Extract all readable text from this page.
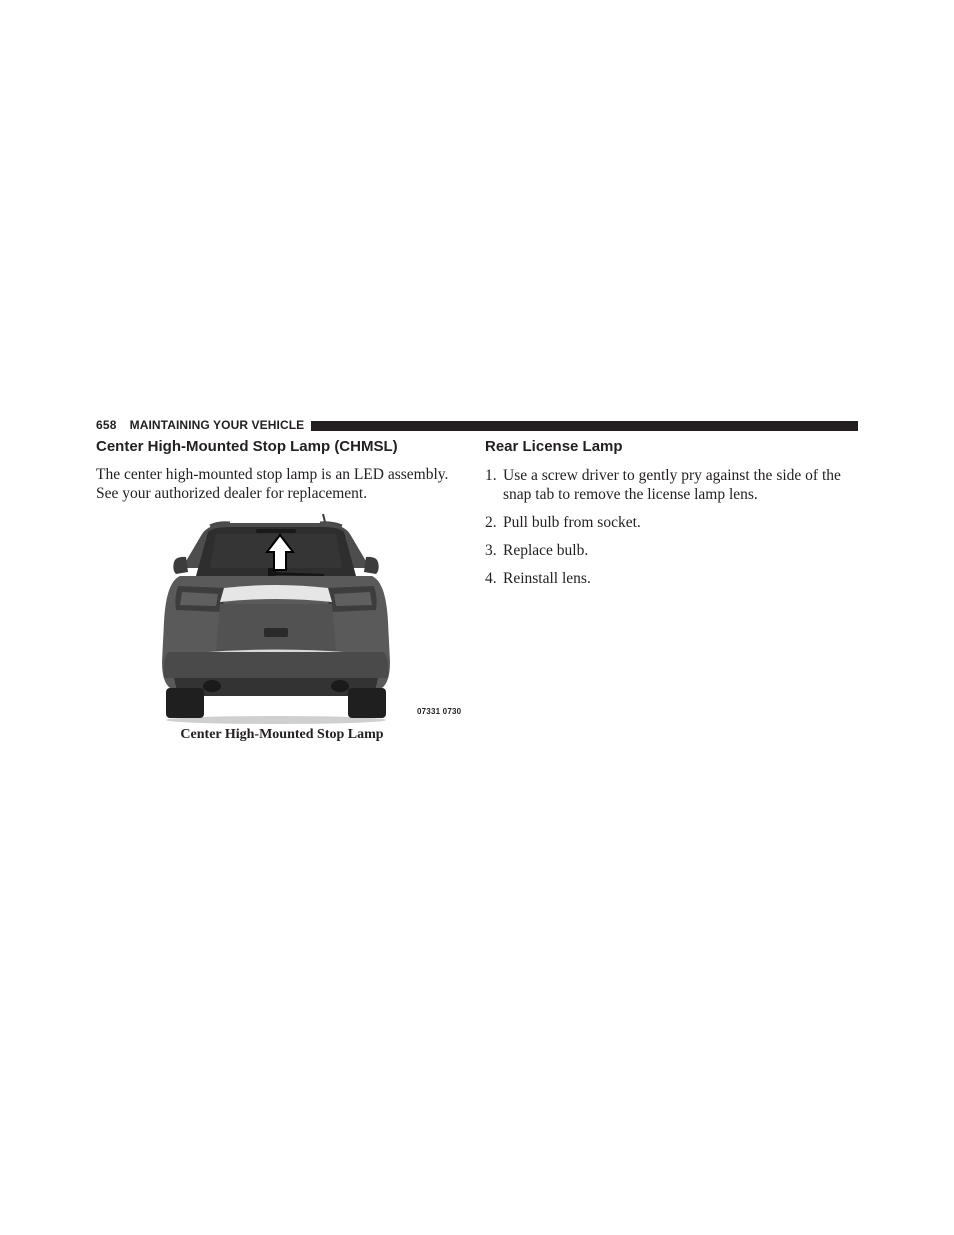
658 MAINTAINING YOUR VEHICLE
Center High-Mounted Stop Lamp (CHMSL)

The center high-mounted stop lamp is an LED assembly. See your authorized dealer for replacement.

07331 0730
Center High-Mounted Stop Lamp
Rear License Lamp
1. Use a screw driver to gently pry against the side of the snap tab to remove the license lamp lens.
2. Pull bulb from socket.
3. Replace bulb.
4. Reinstall lens.
